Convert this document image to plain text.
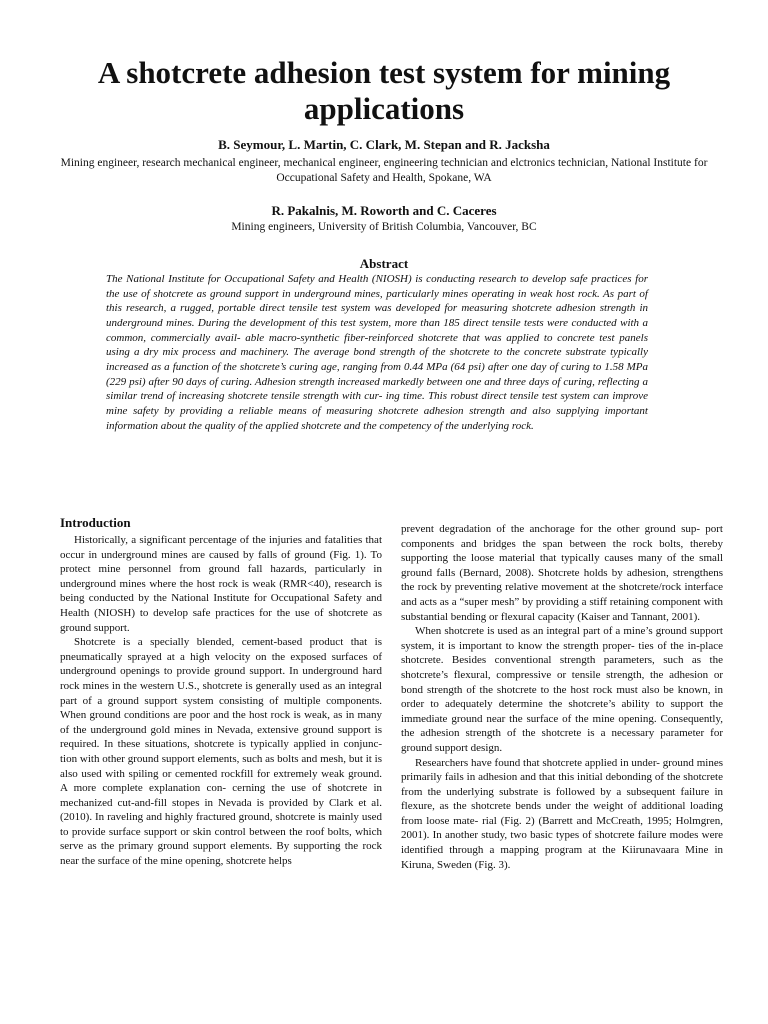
A shotcrete adhesion test system for mining applications

B. Seymour, L. Martin, C. Clark, M. Stepan and R. Jacksha

Mining engineer, research mechanical engineer, mechanical engineer, engineering technician and elctronics technician, National Institute for Occupational Safety and Health, Spokane, WA

R. Pakalnis, M. Roworth and C. Caceres

Mining engineers, University of British Columbia, Vancouver, BC

Abstract

The National Institute for Occupational Safety and Health (NIOSH) is conducting research to develop safe practices for the use of shotcrete as ground support in underground mines, particularly mines operating in weak host rock. As part of this research, a rugged, portable direct tensile test system was developed for measuring shotcrete adhesion strength in underground mines. During the development of this test system, more than 185 direct tensile tests were conducted with a common, commercially avail- able macro-synthetic fiber-reinforced shotcrete that was applied to concrete test panels using a dry mix process and machinery. The average bond strength of the shotcrete to the concrete substrate typically increased as a function of the shotcrete’s curing age, ranging from 0.44 MPa (64 psi) after one day of curing to 1.58 MPa (229 psi) after 90 days of curing. Adhesion strength increased markedly between one and three days of curing, reflecting a similar trend of increasing shotcrete tensile strength with cur- ing time. This robust direct tensile test system can improve mine safety by providing a reliable means of measuring shotcrete adhesion strength and also supplying important information about the quality of the applied shotcrete and the competency of the underlying rock.

Introduction

Historically, a significant percentage of the injuries and fatalities that occur in underground mines are caused by falls of ground (Fig. 1). To protect mine personnel from ground fall hazards, particularly in underground mines where the host rock is weak (RMR<40), research is being conducted by the National Institute for Occupational Safety and Health (NIOSH) to develop safe practices for the use of shotcrete as ground support.

Shotcrete is a specially blended, cement-based product that is pneumatically sprayed at a high velocity on the exposed surfaces of underground openings to provide ground support. In underground hard rock mines in the western U.S., shotcrete is generally used as an integral part of a ground support system consisting of multiple components. When ground conditions are poor and the host rock is weak, as in many of the underground gold mines in Nevada, extensive ground support is required. In these situations, shotcrete is typically applied in conjunc- tion with other ground support elements, such as bolts and mesh, but it is also used with spiling or cemented rockfill for extremely weak ground. A more complete explanation con- cerning the use of shotcrete in mechanized cut-and-fill stopes in Nevada is provided by Clark et al. (2010). In raveling and highly fractured ground, shotcrete is mainly used to provide surface support or skin control between the roof bolts, which serve as the primary ground support elements. By supporting the rock near the surface of the mine opening, shotcrete helps

prevent degradation of the anchorage for the other ground sup- port components and bridges the span between the rock bolts, thereby supporting the loose material that typically causes many of the small ground falls (Bernard, 2008). Shotcrete holds by adhesion, strengthens the rock by preventing relative movement at the shotcrete/rock interface and acts as a “super mesh” by providing a stiff retaining component with substantial bending or flexural capacity (Kaiser and Tannant, 2001).

When shotcrete is used as an integral part of a mine’s ground support system, it is important to know the strength proper- ties of the in-place shotcrete. Besides conventional strength parameters, such as the shotcrete’s flexural, compressive or tensile strength, the adhesion or bond strength of the shotcrete to the host rock must also be known, in order to adequately determine the shotcrete’s ability to support the immediate ground near the surface of the mine opening. Consequently, the adhesion strength of the shotcrete is a necessary parameter for ground support design.

Researchers have found that shotcrete applied in under- ground mines primarily fails in adhesion and that this initial debonding of the shotcrete from the underlying substrate is followed by a subsequent failure in flexure, as the shotcrete bends under the weight of additional loading from loose mate- rial (Fig. 2) (Barrett and McCreath, 1995; Holmgren, 2001). In another study, two basic types of shotcrete failure modes were identified through a mapping program at the Kiirunavaara Mine in Kiruna, Sweden (Fig. 3).
